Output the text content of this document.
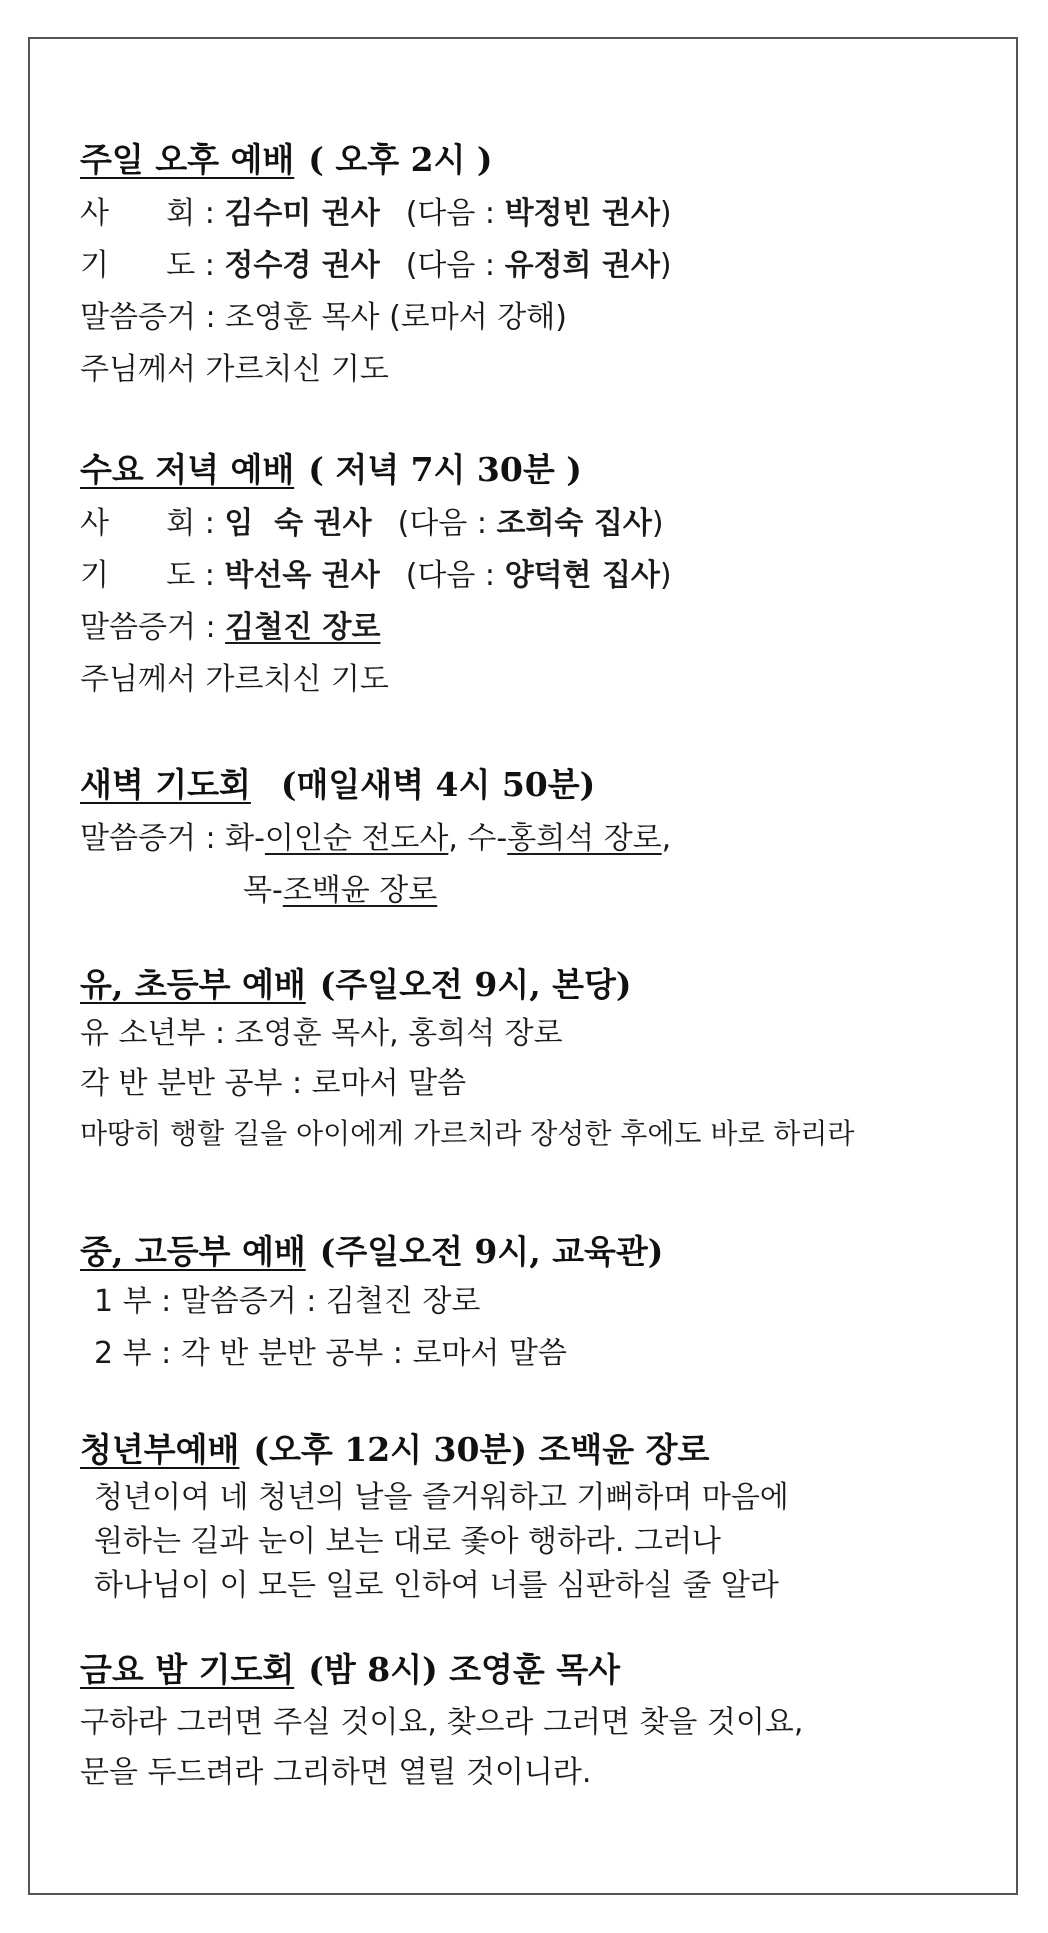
주일 오후 예배 ( 오후 2시 )
사      회 : 김수미 권사 (다음 : 박정빈 권사)
기      도 : 정수경 권사 (다음 : 유정희 권사)
말씀증거 : 조영훈 목사 (로마서 강해)
주님께서 가르치신 기도
수요 저녁 예배 ( 저녁 7시 30분 )
사      회 : 임  숙 권사 (다음 : 조희숙 집사)
기      도 : 박선옥 권사 (다음 : 양덕현 집사)
말씀증거 : 김철진 장로
주님께서 가르치신 기도
새벽 기도회 (매일새벽 4시 50분)
말씀증거 : 화-이인순 전도사, 수-홍희석 장로,
목-조백윤 장로
유, 초등부 예배 (주일오전 9시, 본당)
유 소년부 : 조영훈 목사, 홍희석 장로
각 반 분반 공부 : 로마서 말씀
마땅히 행할 길을 아이에게 가르치라 장성한 후에도 바로 하리라
중, 고등부 예배 (주일오전 9시, 교육관)
1 부 : 말씀증거 : 김철진 장로
2 부 : 각 반 분반 공부 : 로마서 말씀
청년부예배 (오후 12시 30분) 조백윤 장로
청년이여 네 청년의 날을 즐거워하고 기뻐하며 마음에
원하는 길과 눈이 보는 대로 좇아 행하라. 그러나
하나님이 이 모든 일로 인하여 너를 심판하실 줄 알라
금요 밤 기도회 (밤 8시) 조영훈 목사
구하라 그러면 주실 것이요, 찾으라 그러면 찾을 것이요,
문을 두드려라 그리하면 열릴 것이니라.
